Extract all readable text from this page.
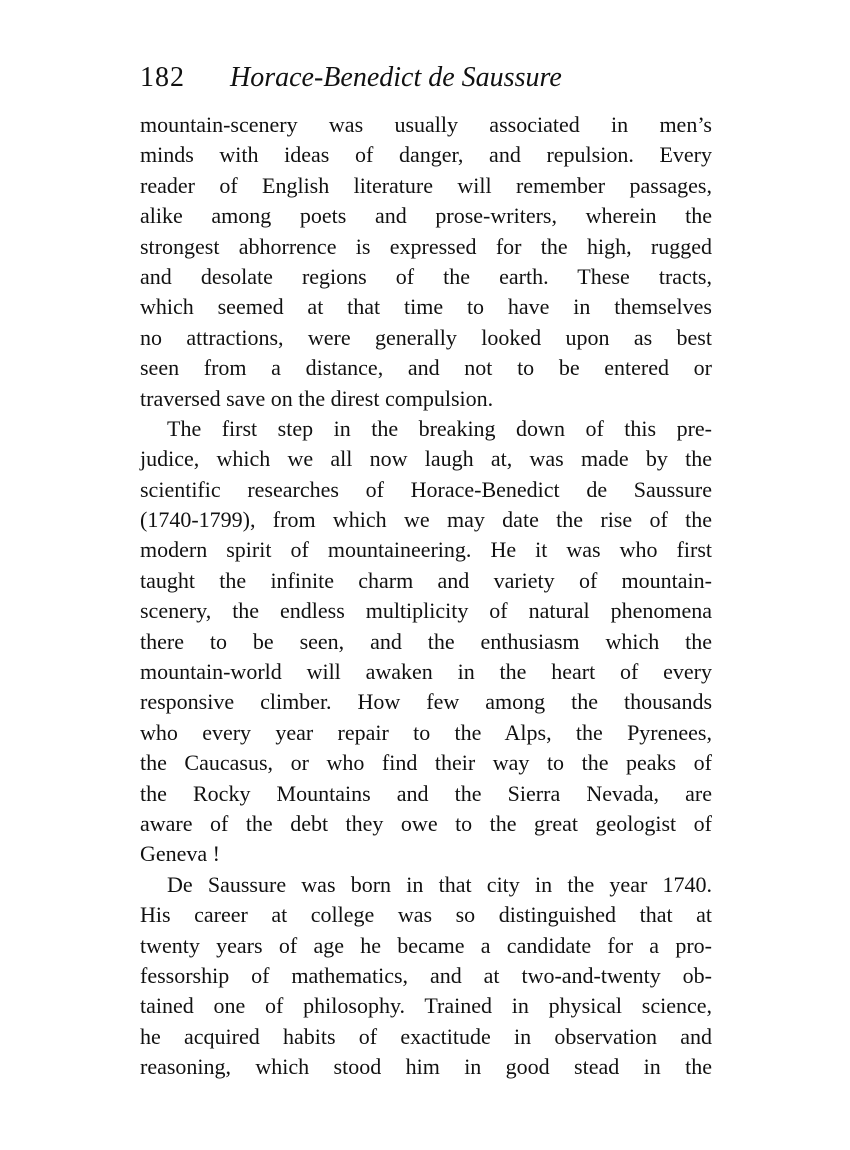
182 Horace-Benedict de Saussure
mountain-scenery was usually associated in men’s
minds with ideas of danger, and repulsion. Every
reader of English literature will remember passages,
alike among poets and prose-writers, wherein the
strongest abhorrence is expressed for the high, rugged
and desolate regions of the earth. These tracts,
which seemed at that time to have in themselves
no attractions, were generally looked upon as best
seen from a distance, and not to be entered or
traversed save on the direst compulsion.
The first step in the breaking down of this pre-
judice, which we all now laugh at, was made by the
scientific researches of Horace-Benedict de Saussure
(1740-1799), from which we may date the rise of the
modern spirit of mountaineering. He it was who first
taught the infinite charm and variety of mountain-
scenery, the endless multiplicity of natural phenomena
there to be seen, and the enthusiasm which the
mountain-world will awaken in the heart of every
responsive climber. How few among the thousands
who every year repair to the Alps, the Pyrenees,
the Caucasus, or who find their way to the peaks of
the Rocky Mountains and the Sierra Nevada, are
aware of the debt they owe to the great geologist of
Geneva !
De Saussure was born in that city in the year 1740.
His career at college was so distinguished that at
twenty years of age he became a candidate for a pro-
fessorship of mathematics, and at two-and-twenty ob-
tained one of philosophy. Trained in physical science,
he acquired habits of exactitude in observation and
reasoning, which stood him in good stead in the
